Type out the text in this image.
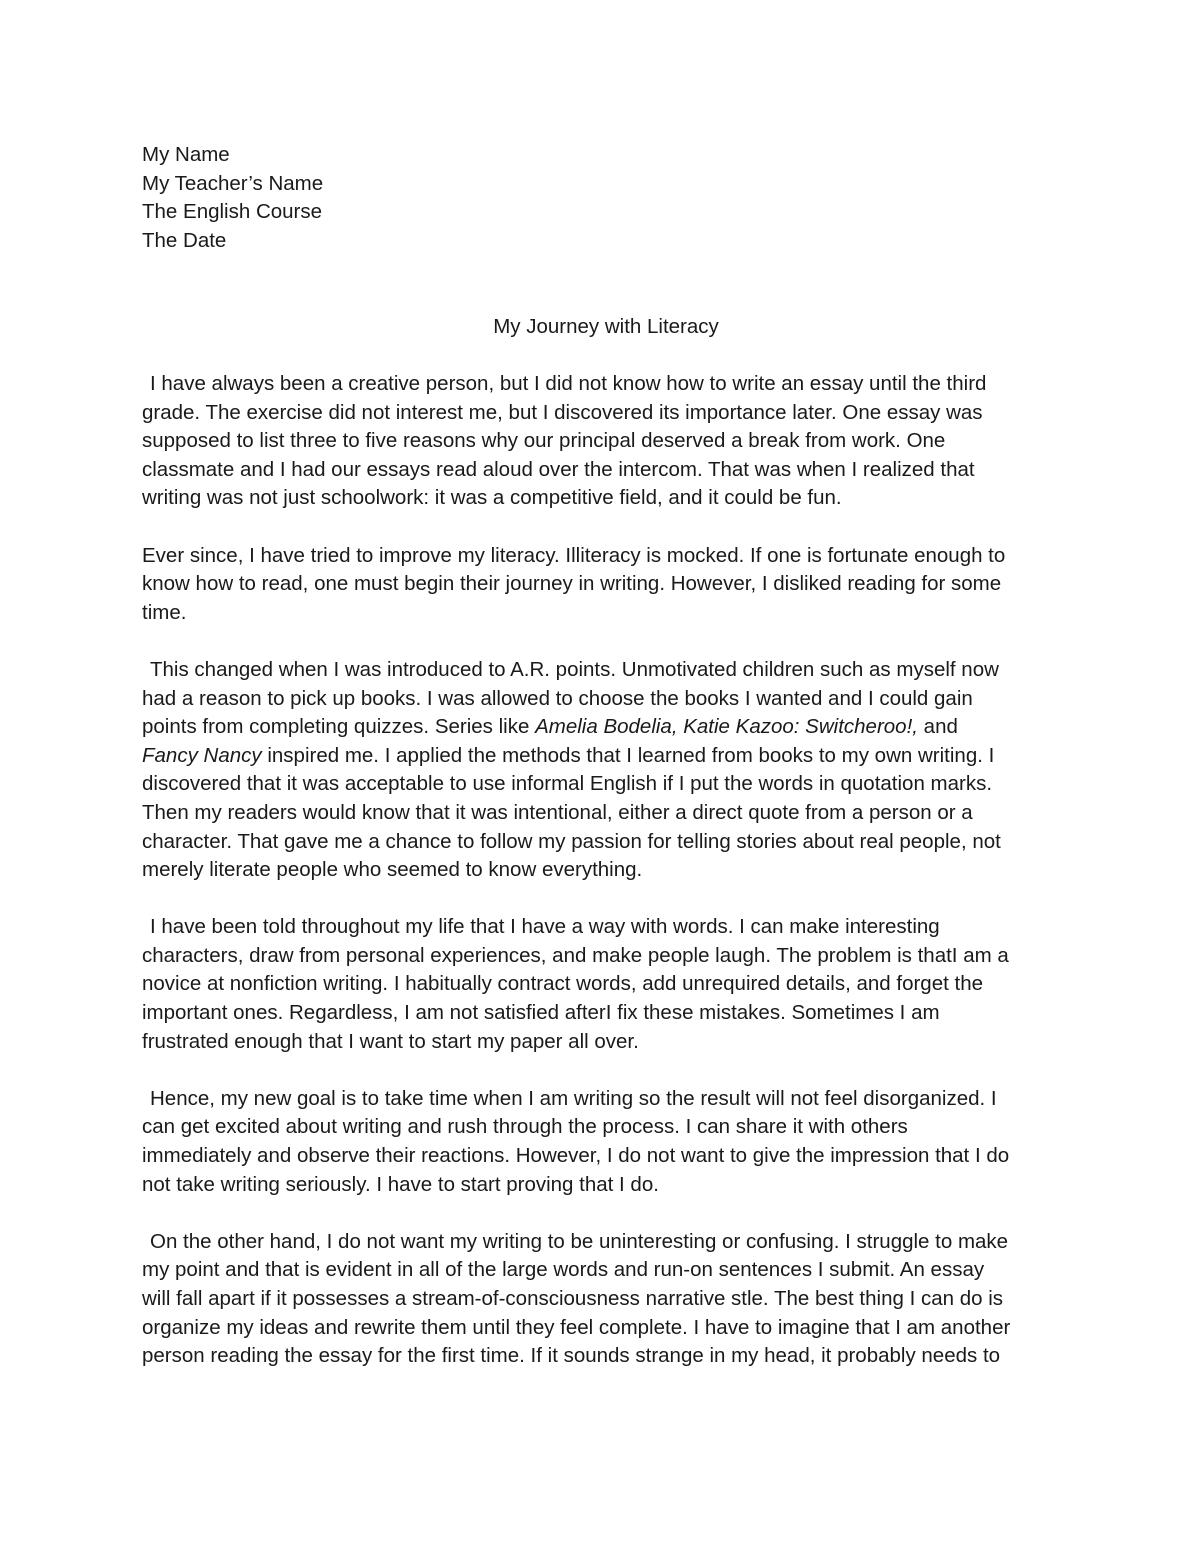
My Name
My Teacher’s Name
The English Course
The Date
My Journey with Literacy

I have always been a creative person, but I did not know how to write an essay until the third
grade. The exercise did not interest me, but I discovered its importance later. One essay was
supposed to list three to five reasons why our principal deserved a break from work. One
classmate and I had our essays read aloud over the intercom. That was when I realized that
writing was not just schoolwork: it was a competitive field, and it could be fun.

Ever since, I have tried to improve my literacy. Illiteracy is mocked. If one is fortunate enough to
know how to read, one must begin their journey in writing. However, I disliked reading for some
time.

This changed when I was introduced to A.R. points. Unmotivated children such as myself now
had a reason to pick up books. I was allowed to choose the books I wanted and I could gain
points from completing quizzes. Series like Amelia Bodelia, Katie Kazoo: Switcheroo!, and
Fancy Nancy inspired me. I applied the methods that I learned from books to my own writing. I
discovered that it was acceptable to use informal English if I put the words in quotation marks.
Then my readers would know that it was intentional, either a direct quote from a person or a
character. That gave me a chance to follow my passion for telling stories about real people, not
merely literate people who seemed to know everything.

I have been told throughout my life that I have a way with words. I can make interesting
characters, draw from personal experiences, and make people laugh. The problem is thatI am a
novice at nonfiction writing. I habitually contract words, add unrequired details, and forget the
important ones. Regardless, I am not satisfied afterI fix these mistakes. Sometimes I am
frustrated enough that I want to start my paper all over.

Hence, my new goal is to take time when I am writing so the result will not feel disorganized. I
can get excited about writing and rush through the process. I can share it with others
immediately and observe their reactions. However, I do not want to give the impression that I do
not take writing seriously. I have to start proving that I do.

On the other hand, I do not want my writing to be uninteresting or confusing. I struggle to make
my point and that is evident in all of the large words and run-on sentences I submit. An essay
will fall apart if it possesses a stream-of-consciousness narrative stle. The best thing I can do is
organize my ideas and rewrite them until they feel complete. I have to imagine that I am another
person reading the essay for the first time. If it sounds strange in my head, it probably needs to
